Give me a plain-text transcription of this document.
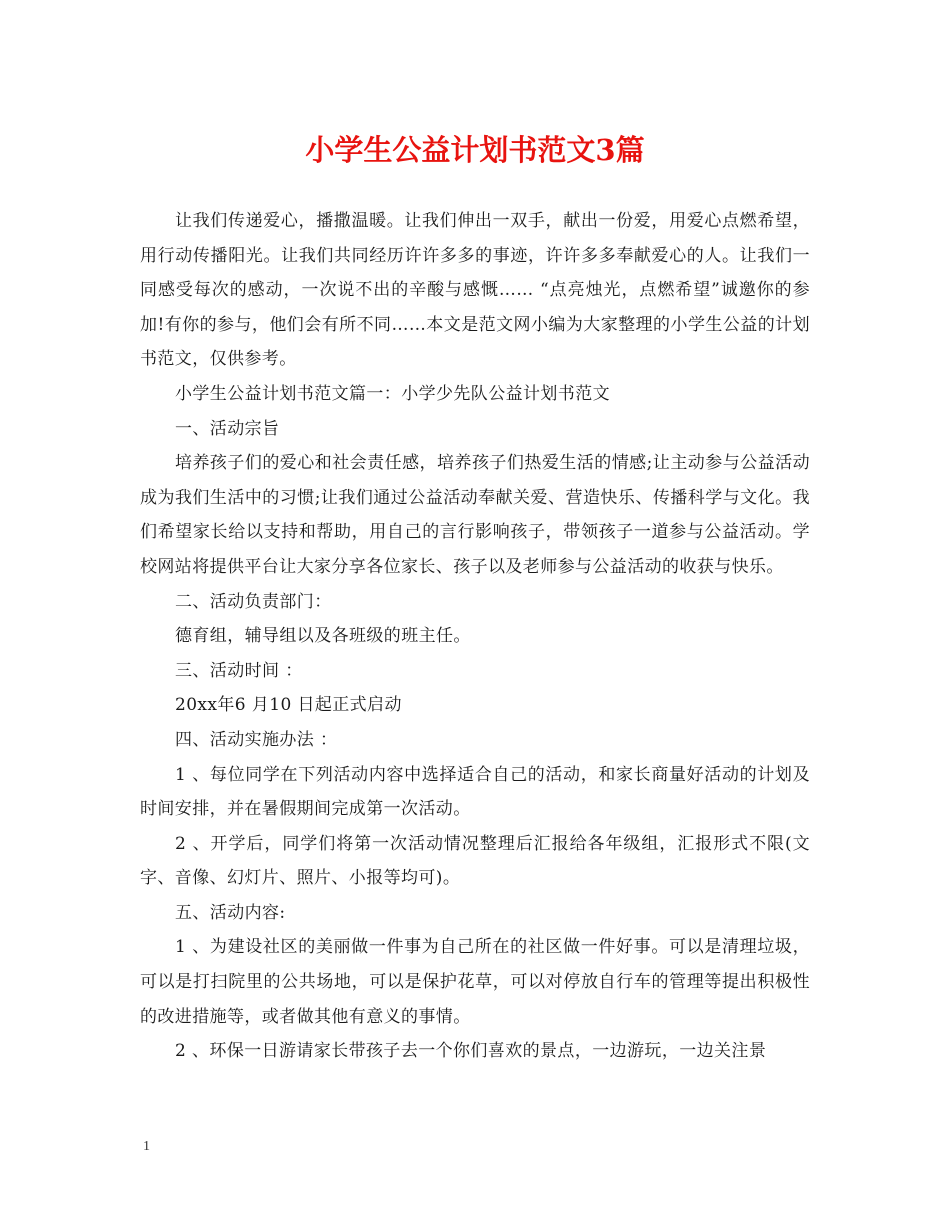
小学生公益计划书范文3篇

让我们传递爱心，播撒温暖。让我们伸出一双手，献出一份爱，用爱心点燃希望，用行动传播阳光。让我们共同经历许许多多的事迹，许许多多奉献爱心的人。让我们一同感受每次的感动，一次说不出的辛酸与感慨…… “点亮烛光，点燃希望”诚邀你的参加!有你的参与，他们会有所不同……本文是范文网小编为大家整理的小学生公益的计划书范文，仅供参考。

小学生公益计划书范文篇一：小学少先队公益计划书范文

一、活动宗旨

培养孩子们的爱心和社会责任感，培养孩子们热爱生活的情感;让主动参与公益活动成为我们生活中的习惯;让我们通过公益活动奉献关爱、营造快乐、传播科学与文化。我们希望家长给以支持和帮助，用自己的言行影响孩子，带领孩子一道参与公益活动。学校网站将提供平台让大家分享各位家长、孩子以及老师参与公益活动的收获与快乐。

二、活动负责部门：

德育组，辅导组以及各班级的班主任。

三、活动时间 ：

20xx年6 月10 日起正式启动

四、活动实施办法 ：

1 、每位同学在下列活动内容中选择适合自己的活动，和家长商量好活动的计划及时间安排，并在暑假期间完成第一次活动。

2 、开学后，同学们将第一次活动情况整理后汇报给各年级组，汇报形式不限(文字、音像、幻灯片、照片、小报等均可)。

五、活动内容:

1 、为建设社区的美丽做一件事为自己所在的社区做一件好事。可以是清理垃圾，可以是打扫院里的公共场地，可以是保护花草，可以对停放自行车的管理等提出积极性的改进措施等，或者做其他有意义的事情。

2 、环保一日游请家长带孩子去一个你们喜欢的景点，一边游玩，一边关注景

1
